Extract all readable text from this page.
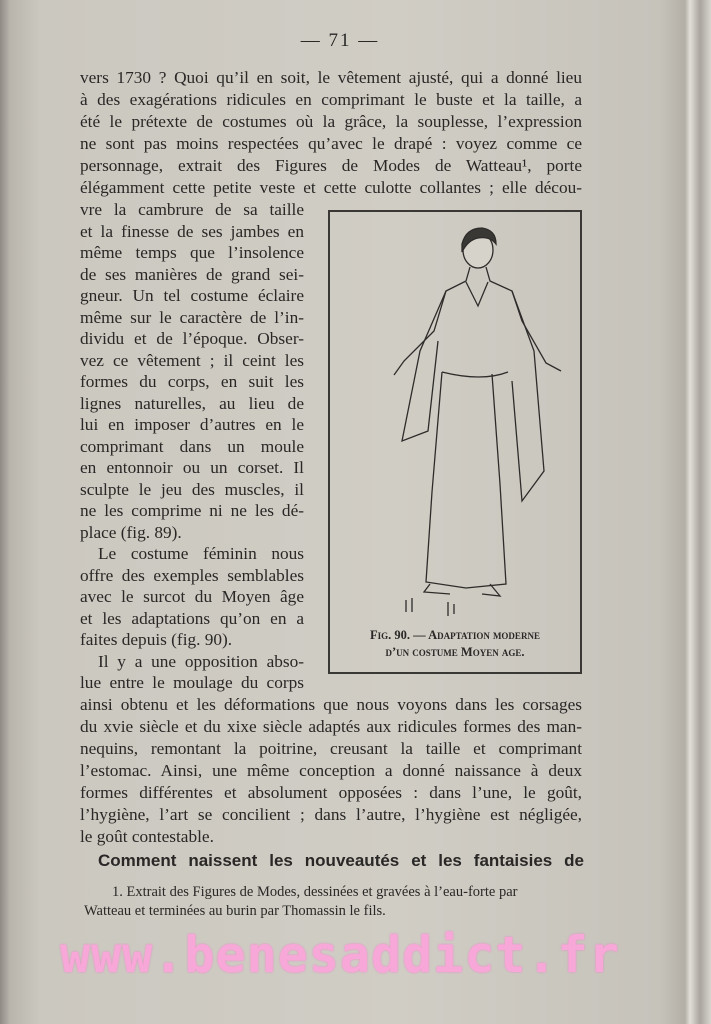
— 71 —
vers 1730 ? Quoi qu’il en soit, le vêtement ajusté, qui a donné lieu
à des exagérations ridicules en comprimant le buste et la taille, a
été le prétexte de costumes où la grâce, la souplesse, l’expression
ne sont pas moins respectées qu’avec le drapé : voyez comme ce
personnage, extrait des Figures de Modes de Watteau¹, porte
élégamment cette petite veste et cette culotte collantes ; elle décou-
vre la cambrure de sa taille
et la finesse de ses jambes en
même temps que l’insolence
de ses manières de grand sei-
gneur. Un tel costume éclaire
même sur le caractère de l’in-
dividu et de l’époque. Obser-
vez ce vêtement ; il ceint les
formes du corps, en suit les
lignes naturelles, au lieu de
lui en imposer d’autres en le
comprimant dans un moule
en entonnoir ou un corset. Il
sculpte le jeu des muscles, il
ne les comprime ni ne les dé-
place (fig. 89).
Le costume féminin nous
offre des exemples semblables
avec le surcot du Moyen âge
et les adaptations qu’on en a
faites depuis (fig. 90).
Il y a une opposition abso-
lue entre le moulage du corps
ainsi obtenu et les déformations que nous voyons dans les corsages
du xvie siècle et du xixe siècle adaptés aux ridicules formes des man-
nequins, remontant la poitrine, creusant la taille et comprimant
l’estomac. Ainsi, une même conception a donné naissance à deux
formes différentes et absolument opposées : dans l’une, le goût,
l’hygiène, l’art se concilient ; dans l’autre, l’hygiène est négligée,
le goût contestable.
Fig. 90. — Adaptation moderne
d’un costume Moyen age.
Comment naissent les nouveautés et les fantaisies de
1. Extrait des Figures de Modes, dessinées et gravées à l’eau-forte par
Watteau et terminées au burin par Thomassin le fils.
www.benesaddict.fr
